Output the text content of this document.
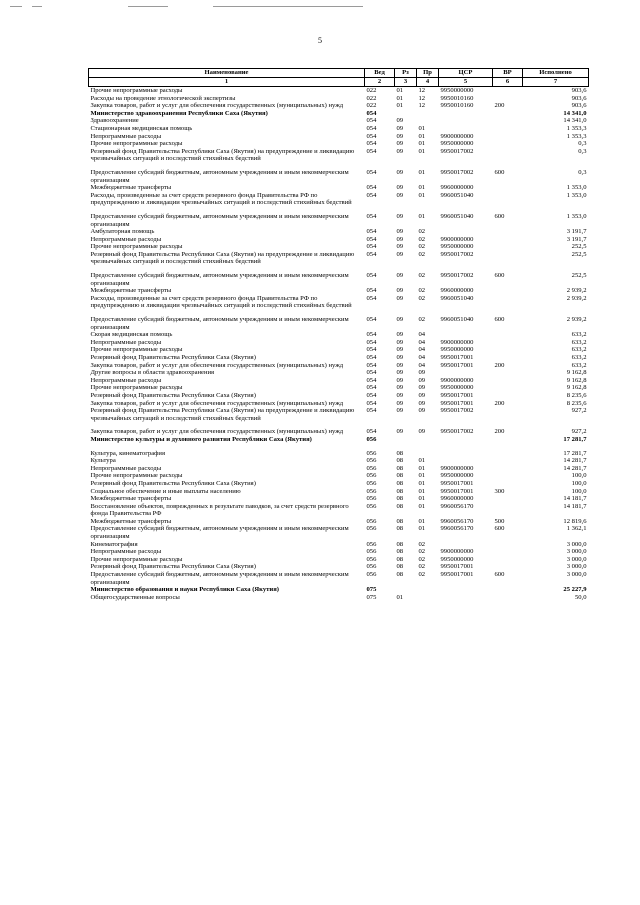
5
Наименование	Вед	Рз	Пр	ЦСР	ВР	Исполнено
1	2	3	4	5	6	7
Прочие непрограммные расходы	022	01	12	9950000000		903,6
Расходы на проведение этнологической экспертизы	022	01	12	9950010160		903,6
Закупка товаров, работ и услуг для обеспечения государственных (муниципальных) нужд	022	01	12	9950010160	200	903,6
Министерство здравоохранения Республики Саха (Якутия)	054					14 341,0
Здравоохранение	054	09				14 341,0
Стационарная медицинская помощь	054	09	01			1 353,3
Непрограммные расходы	054	09	01	9900000000		1 353,3
Прочие непрограммные расходы	054	09	01	9950000000		0,3
Резервный фонд Правительства Республики Саха (Якутия) на предупреждение и ликвидацию чрезвычайных ситуаций и последствий стихийных бедствий	054	09	01	9950017002		0,3
Предоставление субсидий бюджетным, автономным учреждениям и иным некоммерческим организациям	054	09	01	9950017002	600	0,3
Межбюджетные трансферты	054	09	01	9960000000		1 353,0
Расходы, произведенные за счет средств резервного фонда Правительства РФ по предупреждению и ликвидации чрезвычайных ситуаций и последствий стихийных бедствий	054	09	01	9960051040		1 353,0
Предоставление субсидий бюджетным, автономным учреждениям и иным некоммерческим организациям	054	09	01	9960051040	600	1 353,0
Амбулаторная помощь	054	09	02			3 191,7
Непрограммные расходы	054	09	02	9900000000		3 191,7
Прочие непрограммные расходы	054	09	02	9950000000		252,5
Резервный фонд Правительства Республики Саха (Якутия) на предупреждение и ликвидацию чрезвычайных ситуаций и последствий стихийных бедствий	054	09	02	9950017002		252,5
Предоставление субсидий бюджетным, автономным учреждениям и иным некоммерческим организациям	054	09	02	9950017002	600	252,5
Межбюджетные трансферты	054	09	02	9960000000		2 939,2
Расходы, произведенные за счет средств резервного фонда Правительства РФ по предупреждению и ликвидации чрезвычайных ситуаций и последствий стихийных бедствий	054	09	02	9960051040		2 939,2
Предоставление субсидий бюджетным, автономным учреждениям и иным некоммерческим организациям	054	09	02	9960051040	600	2 939,2
Скорая медицинская помощь	054	09	04			633,2
Непрограммные расходы	054	09	04	9900000000		633,2
Прочие непрограммные расходы	054	09	04	9950000000		633,2
Резервный фонд Правительства Республики Саха (Якутия)	054	09	04	9950017001		633,2
Закупка товаров, работ и услуг для обеспечения государственных (муниципальных) нужд	054	09	04	9950017001	200	633,2
Другие вопросы в области здравоохранения	054	09	09			9 162,8
Непрограммные расходы	054	09	09	9900000000		9 162,8
Прочие непрограммные расходы	054	09	09	9950000000		9 162,8
Резервный фонд Правительства Республики Саха (Якутия)	054	09	09	9950017001		8 235,6
Закупка товаров, работ и услуг для обеспечения государственных (муниципальных) нужд	054	09	09	9950017001	200	8 235,6
Резервный фонд Правительства Республики Саха (Якутия) на предупреждение и ликвидацию чрезвычайных ситуаций и последствий стихийных бедствий	054	09	09	9950017002		927,2
Закупка товаров, работ и услуг для обеспечения государственных (муниципальных) нужд	054	09	09	9950017002	200	927,2
Министерство культуры и духовного развития Республики Саха (Якутия)	056					17 281,7
Культура, кинематография	056	08				17 281,7
Культура	056	08	01			14 281,7
Непрограммные расходы	056	08	01	9900000000		14 281,7
Прочие непрограммные расходы	056	08	01	9950000000		100,0
Резервный фонд Правительства Республики Саха (Якутия)	056	08	01	9950017001		100,0
Социальное обеспечение и иные выплаты населению	056	08	01	9950017001	300	100,0
Межбюджетные трансферты	056	08	01	9960000000		14 181,7
Восстановление объектов, поврежденных в результате паводков, за счет средств резервного фонда Правительства РФ	056	08	01	9960056170		14 181,7
Межбюджетные трансферты	056	08	01	9960056170	500	12 819,6
Предоставление субсидий бюджетным, автономным учреждениям и иным некоммерческим организациям	056	08	01	9960056170	600	1 362,1
Кинематография	056	08	02			3 000,0
Непрограммные расходы	056	08	02	9900000000		3 000,0
Прочие непрограммные расходы	056	08	02	9950000000		3 000,0
Резервный фонд Правительства Республики Саха (Якутия)	056	08	02	9950017001		3 000,0
Предоставление субсидий бюджетным, автономным учреждениям и иным некоммерческим организациям	056	08	02	9950017001	600	3 000,0
Министерство образования и науки Республики Саха (Якутия)	075					25 227,9
Общегосударственные вопросы	075	01				50,0
